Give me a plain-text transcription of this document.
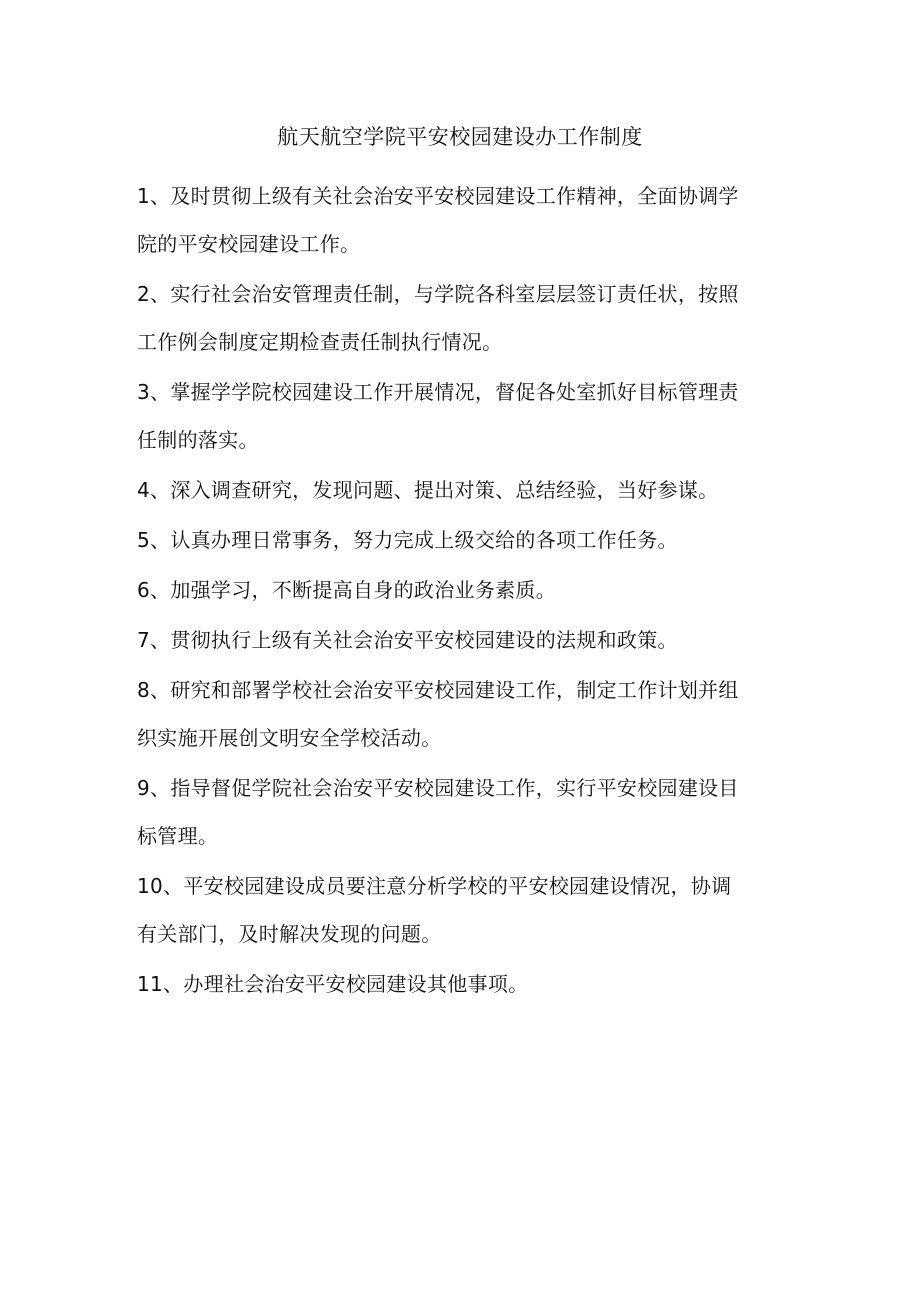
航天航空学院平安校园建设办工作制度
1、及时贯彻上级有关社会治安平安校园建设工作精神，全面协调学
院的平安校园建设工作。
2、实行社会治安管理责任制，与学院各科室层层签订责任状，按照
工作例会制度定期检查责任制执行情况。
3、掌握学学院校园建设工作开展情况，督促各处室抓好目标管理责
任制的落实。
4、深入调查研究，发现问题、提出对策、总结经验，当好参谋。
5、认真办理日常事务，努力完成上级交给的各项工作任务。
6、加强学习，不断提高自身的政治业务素质。
7、贯彻执行上级有关社会治安平安校园建设的法规和政策。
8、研究和部署学校社会治安平安校园建设工作，制定工作计划并组
织实施开展创文明安全学校活动。
9、指导督促学院社会治安平安校园建设工作，实行平安校园建设目
标管理。
10、平安校园建设成员要注意分析学校的平安校园建设情况，协调
有关部门，及时解决发现的问题。
11、办理社会治安平安校园建设其他事项。
